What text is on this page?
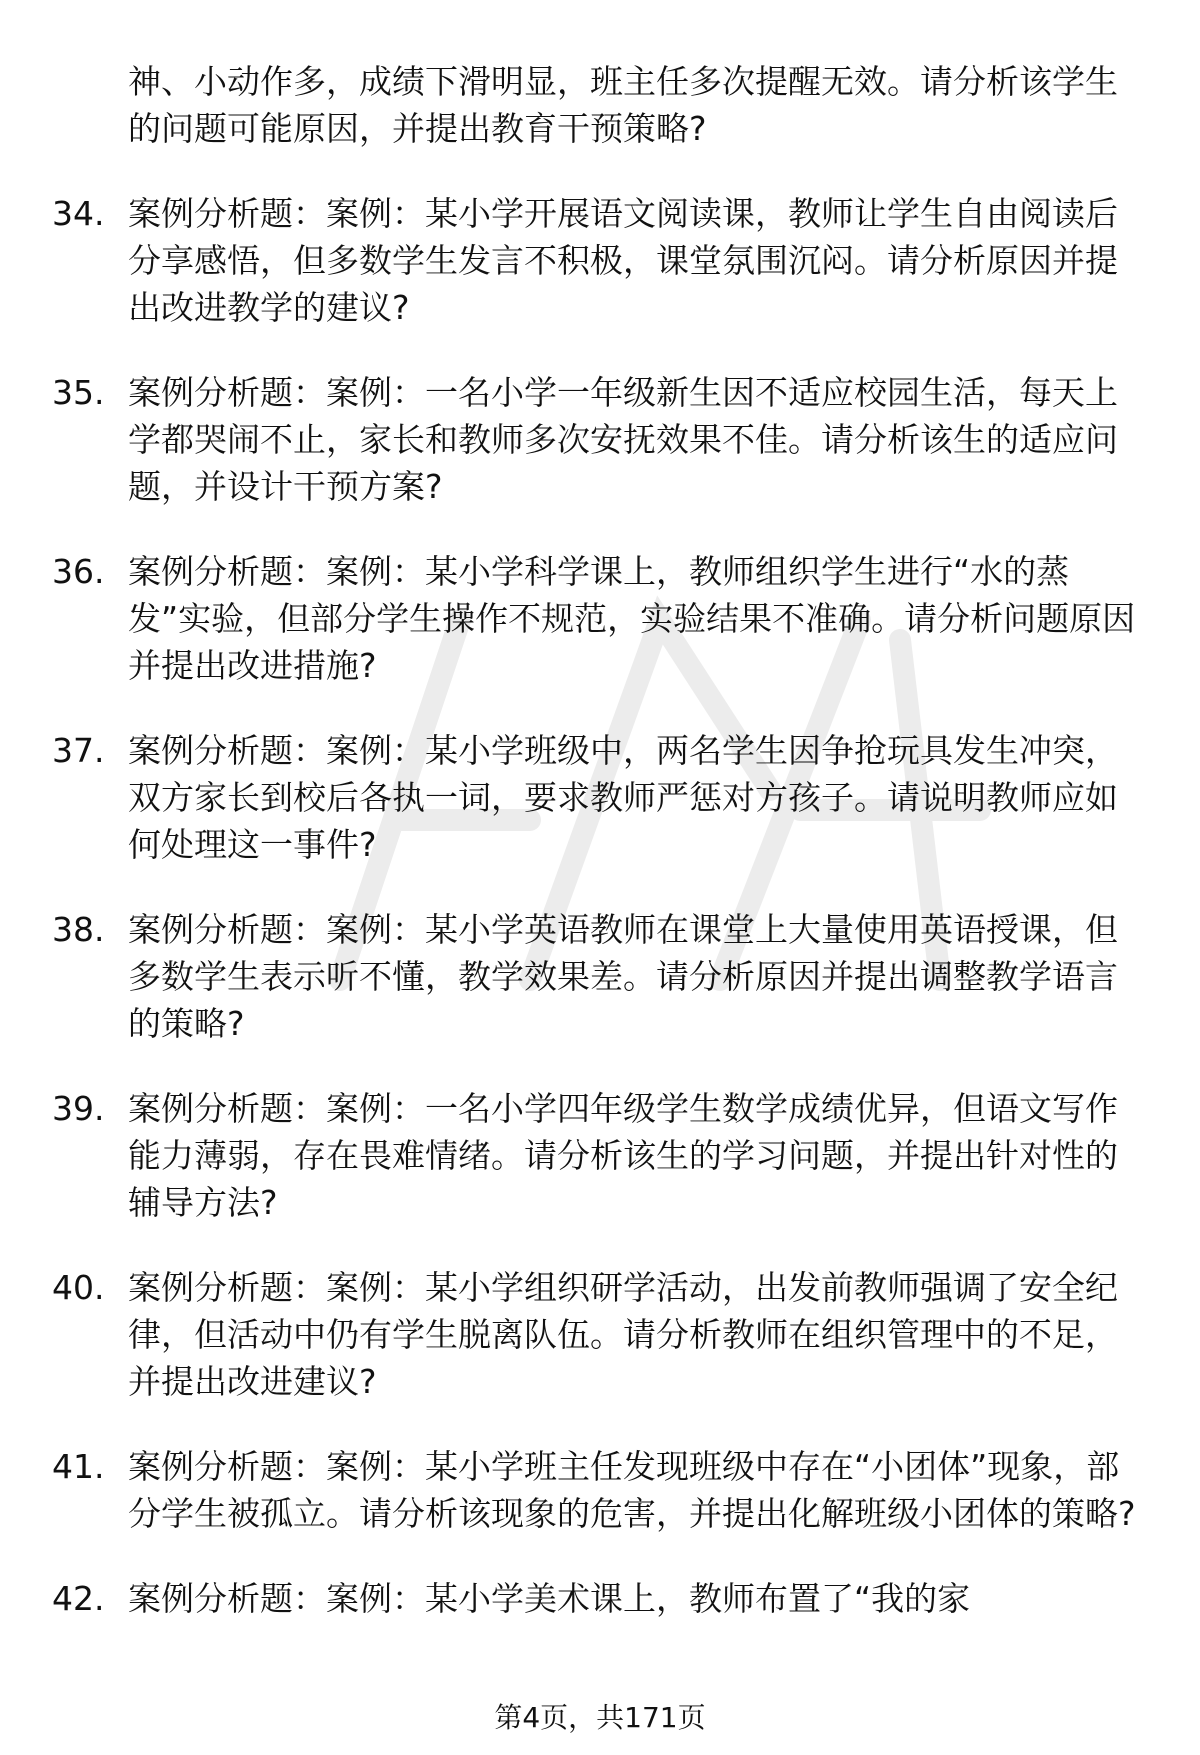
神、小动作多，成绩下滑明显，班主任多次提醒无效。请分析该学生的问题可能原因，并提出教育干预策略?
34. 案例分析题：案例：某小学开展语文阅读课，教师让学生自由阅读后分享感悟，但多数学生发言不积极，课堂氛围沉闷。请分析原因并提出改进教学的建议?
35. 案例分析题：案例：一名小学一年级新生因不适应校园生活，每天上学都哭闹不止，家长和教师多次安抚效果不佳。请分析该生的适应问题，并设计干预方案?
36. 案例分析题：案例：某小学科学课上，教师组织学生进行“水的蒸发”实验，但部分学生操作不规范，实验结果不准确。请分析问题原因并提出改进措施?
37. 案例分析题：案例：某小学班级中，两名学生因争抢玩具发生冲突，双方家长到校后各执一词，要求教师严惩对方孩子。请说明教师应如何处理这一事件?
38. 案例分析题：案例：某小学英语教师在课堂上大量使用英语授课，但多数学生表示听不懂，教学效果差。请分析原因并提出调整教学语言的策略?
39. 案例分析题：案例：一名小学四年级学生数学成绩优异，但语文写作能力薄弱，存在畏难情绪。请分析该生的学习问题，并提出针对性的辅导方法?
40. 案例分析题：案例：某小学组织研学活动，出发前教师强调了安全纪律，但活动中仍有学生脱离队伍。请分析教师在组织管理中的不足，并提出改进建议?
41. 案例分析题：案例：某小学班主任发现班级中存在“小团体”现象，部分学生被孤立。请分析该现象的危害，并提出化解班级小团体的策略?
42. 案例分析题：案例：某小学美术课上，教师布置了“我的家
第4页，共171页
